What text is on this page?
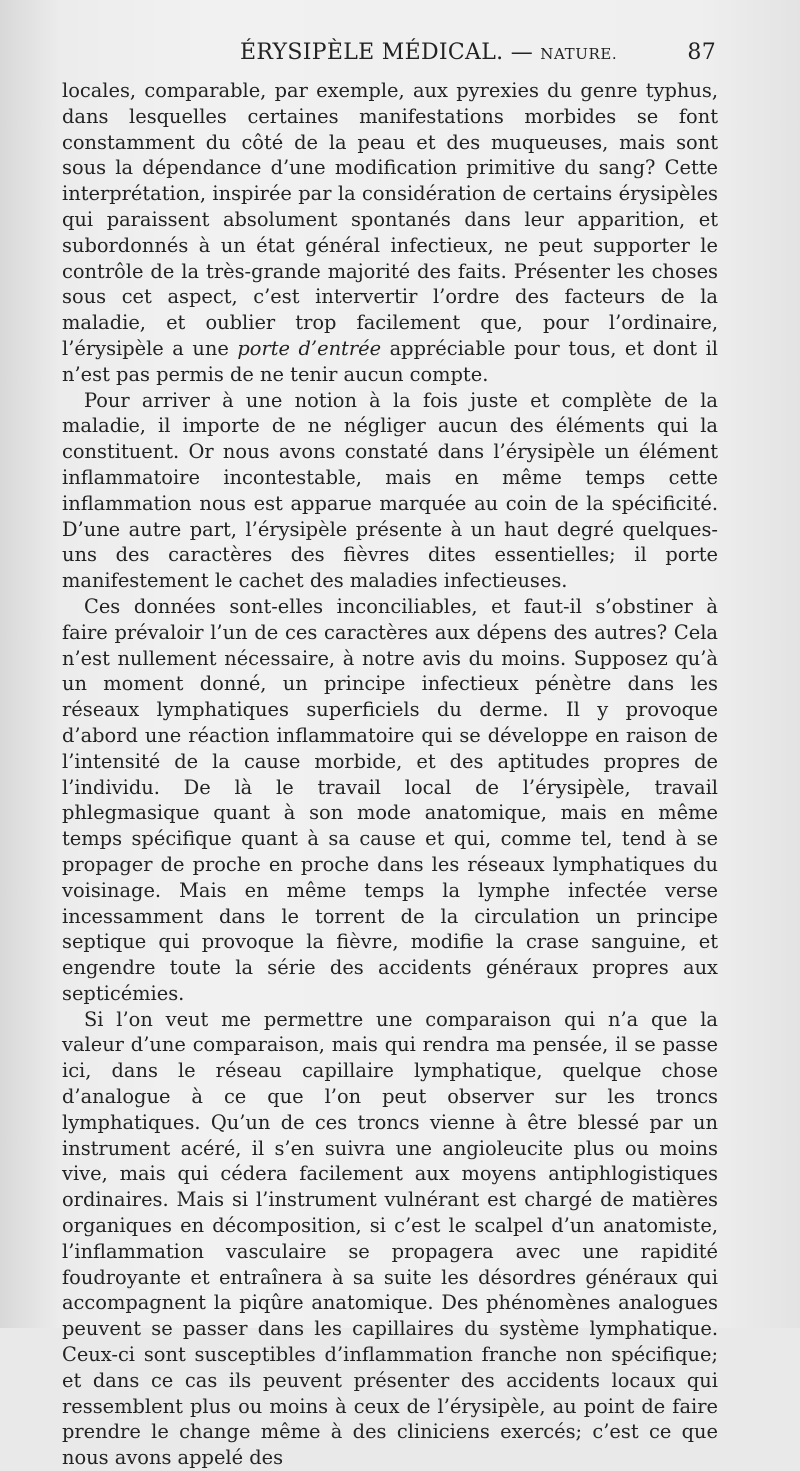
ÉRYSIPÈLE MÉDICAL. — NATURE.	87

locales, comparable, par exemple, aux pyrexies du genre typhus, dans lesquelles certaines manifestations morbides se font constamment du côté de la peau et des muqueuses, mais sont sous la dépendance d’une modification primitive du sang? Cette interprétation, inspirée par la considération de certains érysipèles qui paraissent absolument spontanés dans leur apparition, et subordonnés à un état général infectieux, ne peut supporter le contrôle de la très-grande majorité des faits. Présenter les choses sous cet aspect, c’est intervertir l’ordre des facteurs de la maladie, et oublier trop facilement que, pour l’ordinaire, l’érysipèle a une porte d’entrée appréciable pour tous, et dont il n’est pas permis de ne tenir aucun compte.

Pour arriver à une notion à la fois juste et complète de la maladie, il importe de ne négliger aucun des éléments qui la constituent. Or nous avons constaté dans l’érysipèle un élément inflammatoire incontestable, mais en même temps cette inflammation nous est apparue marquée au coin de la spécificité. D’une autre part, l’érysipèle présente à un haut degré quelques-uns des caractères des fièvres dites essentielles; il porte manifestement le cachet des maladies infectieuses.

Ces données sont-elles inconciliables, et faut-il s’obstiner à faire prévaloir l’un de ces caractères aux dépens des autres? Cela n’est nullement nécessaire, à notre avis du moins. Supposez qu’à un moment donné, un principe infectieux pénètre dans les réseaux lymphatiques superficiels du derme. Il y provoque d’abord une réaction inflammatoire qui se développe en raison de l’intensité de la cause morbide, et des aptitudes propres de l’individu. De là le travail local de l’érysipèle, travail phlegmasique quant à son mode anatomique, mais en même temps spécifique quant à sa cause et qui, comme tel, tend à se propager de proche en proche dans les réseaux lymphatiques du voisinage. Mais en même temps la lymphe infectée verse incessamment dans le torrent de la circulation un principe septique qui provoque la fièvre, modifie la crase sanguine, et engendre toute la série des accidents généraux propres aux septicémies.

Si l’on veut me permettre une comparaison qui n’a que la valeur d’une comparaison, mais qui rendra ma pensée, il se passe ici, dans le réseau capillaire lymphatique, quelque chose d’analogue à ce que l’on peut observer sur les troncs lymphatiques. Qu’un de ces troncs vienne à être blessé par un instrument acéré, il s’en suivra une angioleucite plus ou moins vive, mais qui cédera facilement aux moyens antiphlogistiques ordinaires. Mais si l’instrument vulnérant est chargé de matières organiques en décomposition, si c’est le scalpel d’un anatomiste, l’inflammation vasculaire se propagera avec une rapidité foudroyante et entraînera à sa suite les désordres généraux qui accompagnent la piqûre anatomique. Des phénomènes analogues peuvent se passer dans les capillaires du système lymphatique. Ceux-ci sont susceptibles d’inflammation franche non spécifique; et dans ce cas ils peuvent présenter des accidents locaux qui ressemblent plus ou moins à ceux de l’érysipèle, au point de faire prendre le change même à des cliniciens exercés; c’est ce que nous avons appelé des
